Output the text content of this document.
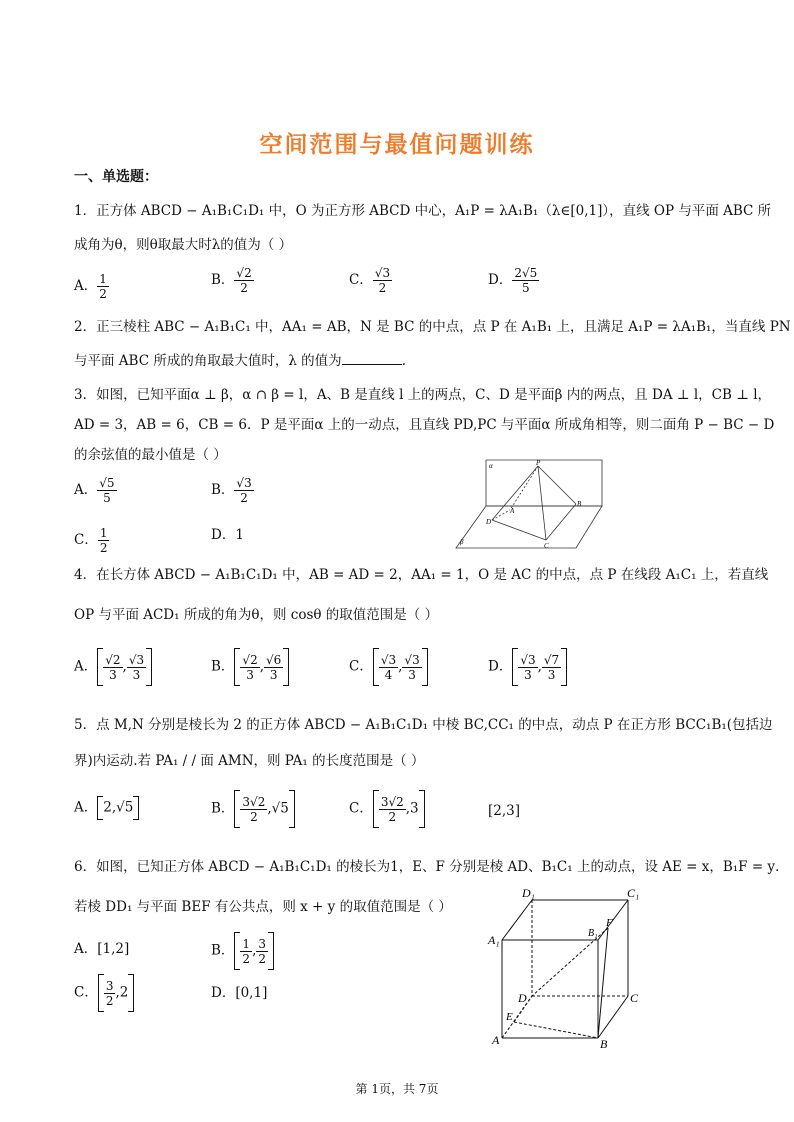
空间范围与最值问题训练
一、单选题：
1．正方体 ABCD − A₁B₁C₁D₁ 中，O 为正方形 ABCD 中心，A₁P = λA₁B₁（λ∈[0,1]），直线 OP 与平面 ABC 所
成角为θ，则θ取最大时λ的值为（ ）
A． $\frac{1}{2}$	B． $\frac{√2}{2}$	C． $\frac{√3}{2}$	D． $\frac{2√5}{5}$
2．正三棱柱 ABC − A₁B₁C₁ 中，AA₁ = AB，N 是 BC 的中点，点 P 在 A₁B₁ 上，且满足 A₁P = λA₁B₁，当直线 PN
与平面 ABC 所成的角取最大值时，λ 的值为	.
3．如图，已知平面α ⊥ β，α ∩ β = l，A、B 是直线 l 上的两点，C、D 是平面β 内的两点，且 DA ⊥ l，CB ⊥ l，
AD = 3，AB = 6，CB = 6．P 是平面α 上的一动点，且直线 PD,PC 与平面α 所成角相等，则二面角 P − BC − D
的余弦值的最小值是（ ）
A． $\frac{√5}{5}$	B． $\frac{√3}{2}$
C． $\frac{1}{2}$	D．1
α
β
P
D
A
B
C
4．在长方体 ABCD − A₁B₁C₁D₁ 中，AB = AD = 2，AA₁ = 1，O 是 AC 的中点，点 P 在线段 A₁C₁ 上，若直线
OP 与平面 ACD₁ 所成的角为θ，则 cosθ 的取值范围是（ ）
A． $\frac{√2}{3}$ , $\frac{√3}{3}$	B． $\frac{√2}{3}$ , $\frac{√6}{3}$	C． $\frac{√3}{4}$ , $\frac{√3}{3}$	D． $\frac{√3}{3}$ , $\frac{√7}{3}$
5．点 M,N 分别是棱长为 2 的正方体 ABCD − A₁B₁C₁D₁ 中棱 BC,CC₁ 的中点，动点 P 在正方形 BCC₁B₁(包括边
界)内运动.若 PA₁ / / 面 AMN，则 PA₁ 的长度范围是（ ）
A． 2,√5	B． $\frac{3√2}{2} ,√5$	C． $\frac{3√2}{2} ,3$	[2,3]
6．如图，已知正方体 ABCD − A₁B₁C₁D₁ 的棱长为1，E、F 分别是棱 AD、B₁C₁ 上的动点，设 AE = x，B₁F = y．
若棱 DD₁ 与平面 BEF 有公共点，则 x + y 的取值范围是（ ）
A．[1,2]	B． $\frac{1}{2}$ , $\frac{3}{2}$
C． $\frac{3}{2} ,2$	D．[0,1]
D₁	C₁
A₁	B₁
F
D	C
E
A	B
第 1页，共 7页
